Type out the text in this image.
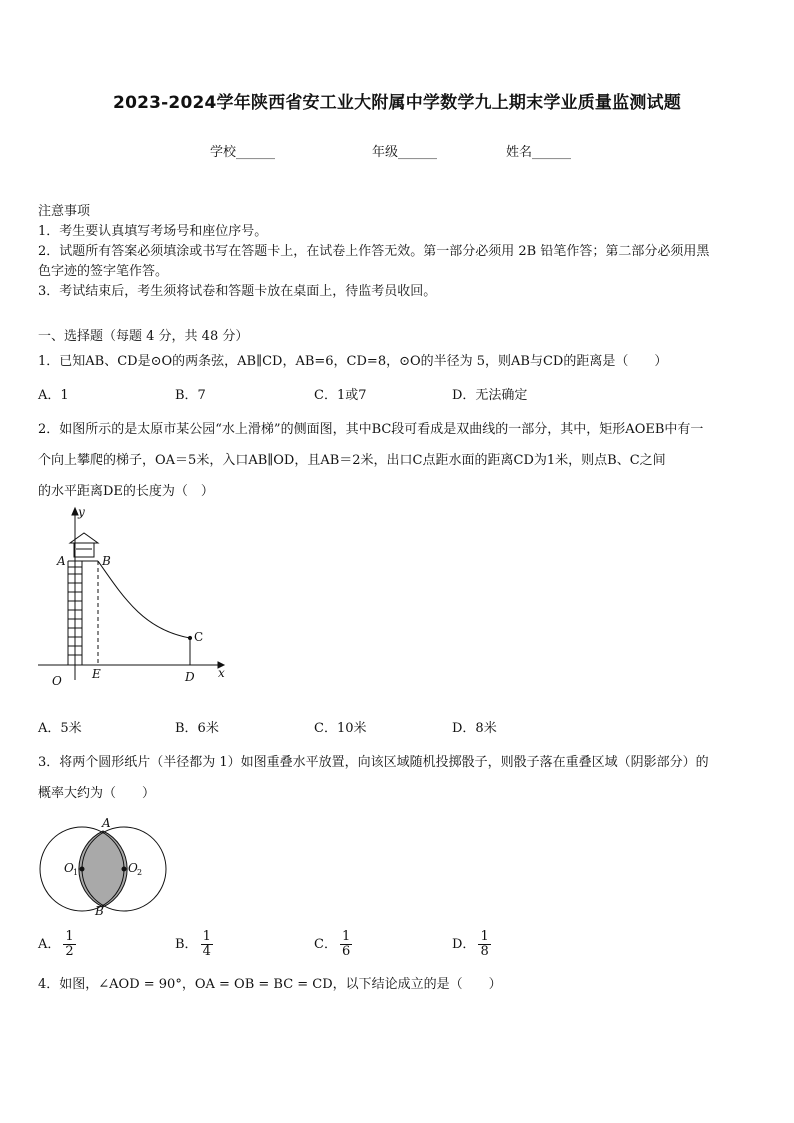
2023-2024学年陕西省安工业大附属中学数学九上期末学业质量监测试题
学校______	年级______	姓名______
注意事项
1．考生要认真填写考场号和座位序号。
2．试题所有答案必须填涂或书写在答题卡上，在试卷上作答无效。第一部分必须用 2B 铅笔作答；第二部分必须用黑
色字迹的签字笔作答。
3．考试结束后，考生须将试卷和答题卡放在桌面上，待监考员收回。
一、选择题（每题 4 分，共 48 分）
1．已知AB、CD是⊙O的两条弦，AB∥CD，AB=6，CD=8，⊙O的半径为 5，则AB与CD的距离是（　　）
A．1	B．7	C．1或7	D．无法确定
2．如图所示的是太原市某公园“水上滑梯”的侧面图，其中BC段可看成是双曲线的一部分，其中，矩形AOEB中有一
个向上攀爬的梯子，OA＝5米，入口AB∥OD，且AB＝2米，出口C点距水面的距离CD为1米，则点B、C之间
的水平距离DE的长度为（　）
y
x
A	B
C
O	E	D
A．5米	B．6米	C．10米	D．8米
3．将两个圆形纸片（半径都为 1）如图重叠水平放置，向该区域随机投掷骰子，则骰子落在重叠区域（阴影部分）的
概率大约为（　　）
A
B
O 1	O 2
A． $\frac{1}{2}$	B． $\frac{1}{4}$	C． $\frac{1}{6}$	D． $\frac{1}{8}$
4．如图，∠AOD = 90°，OA = OB = BC = CD，以下结论成立的是（　　）
